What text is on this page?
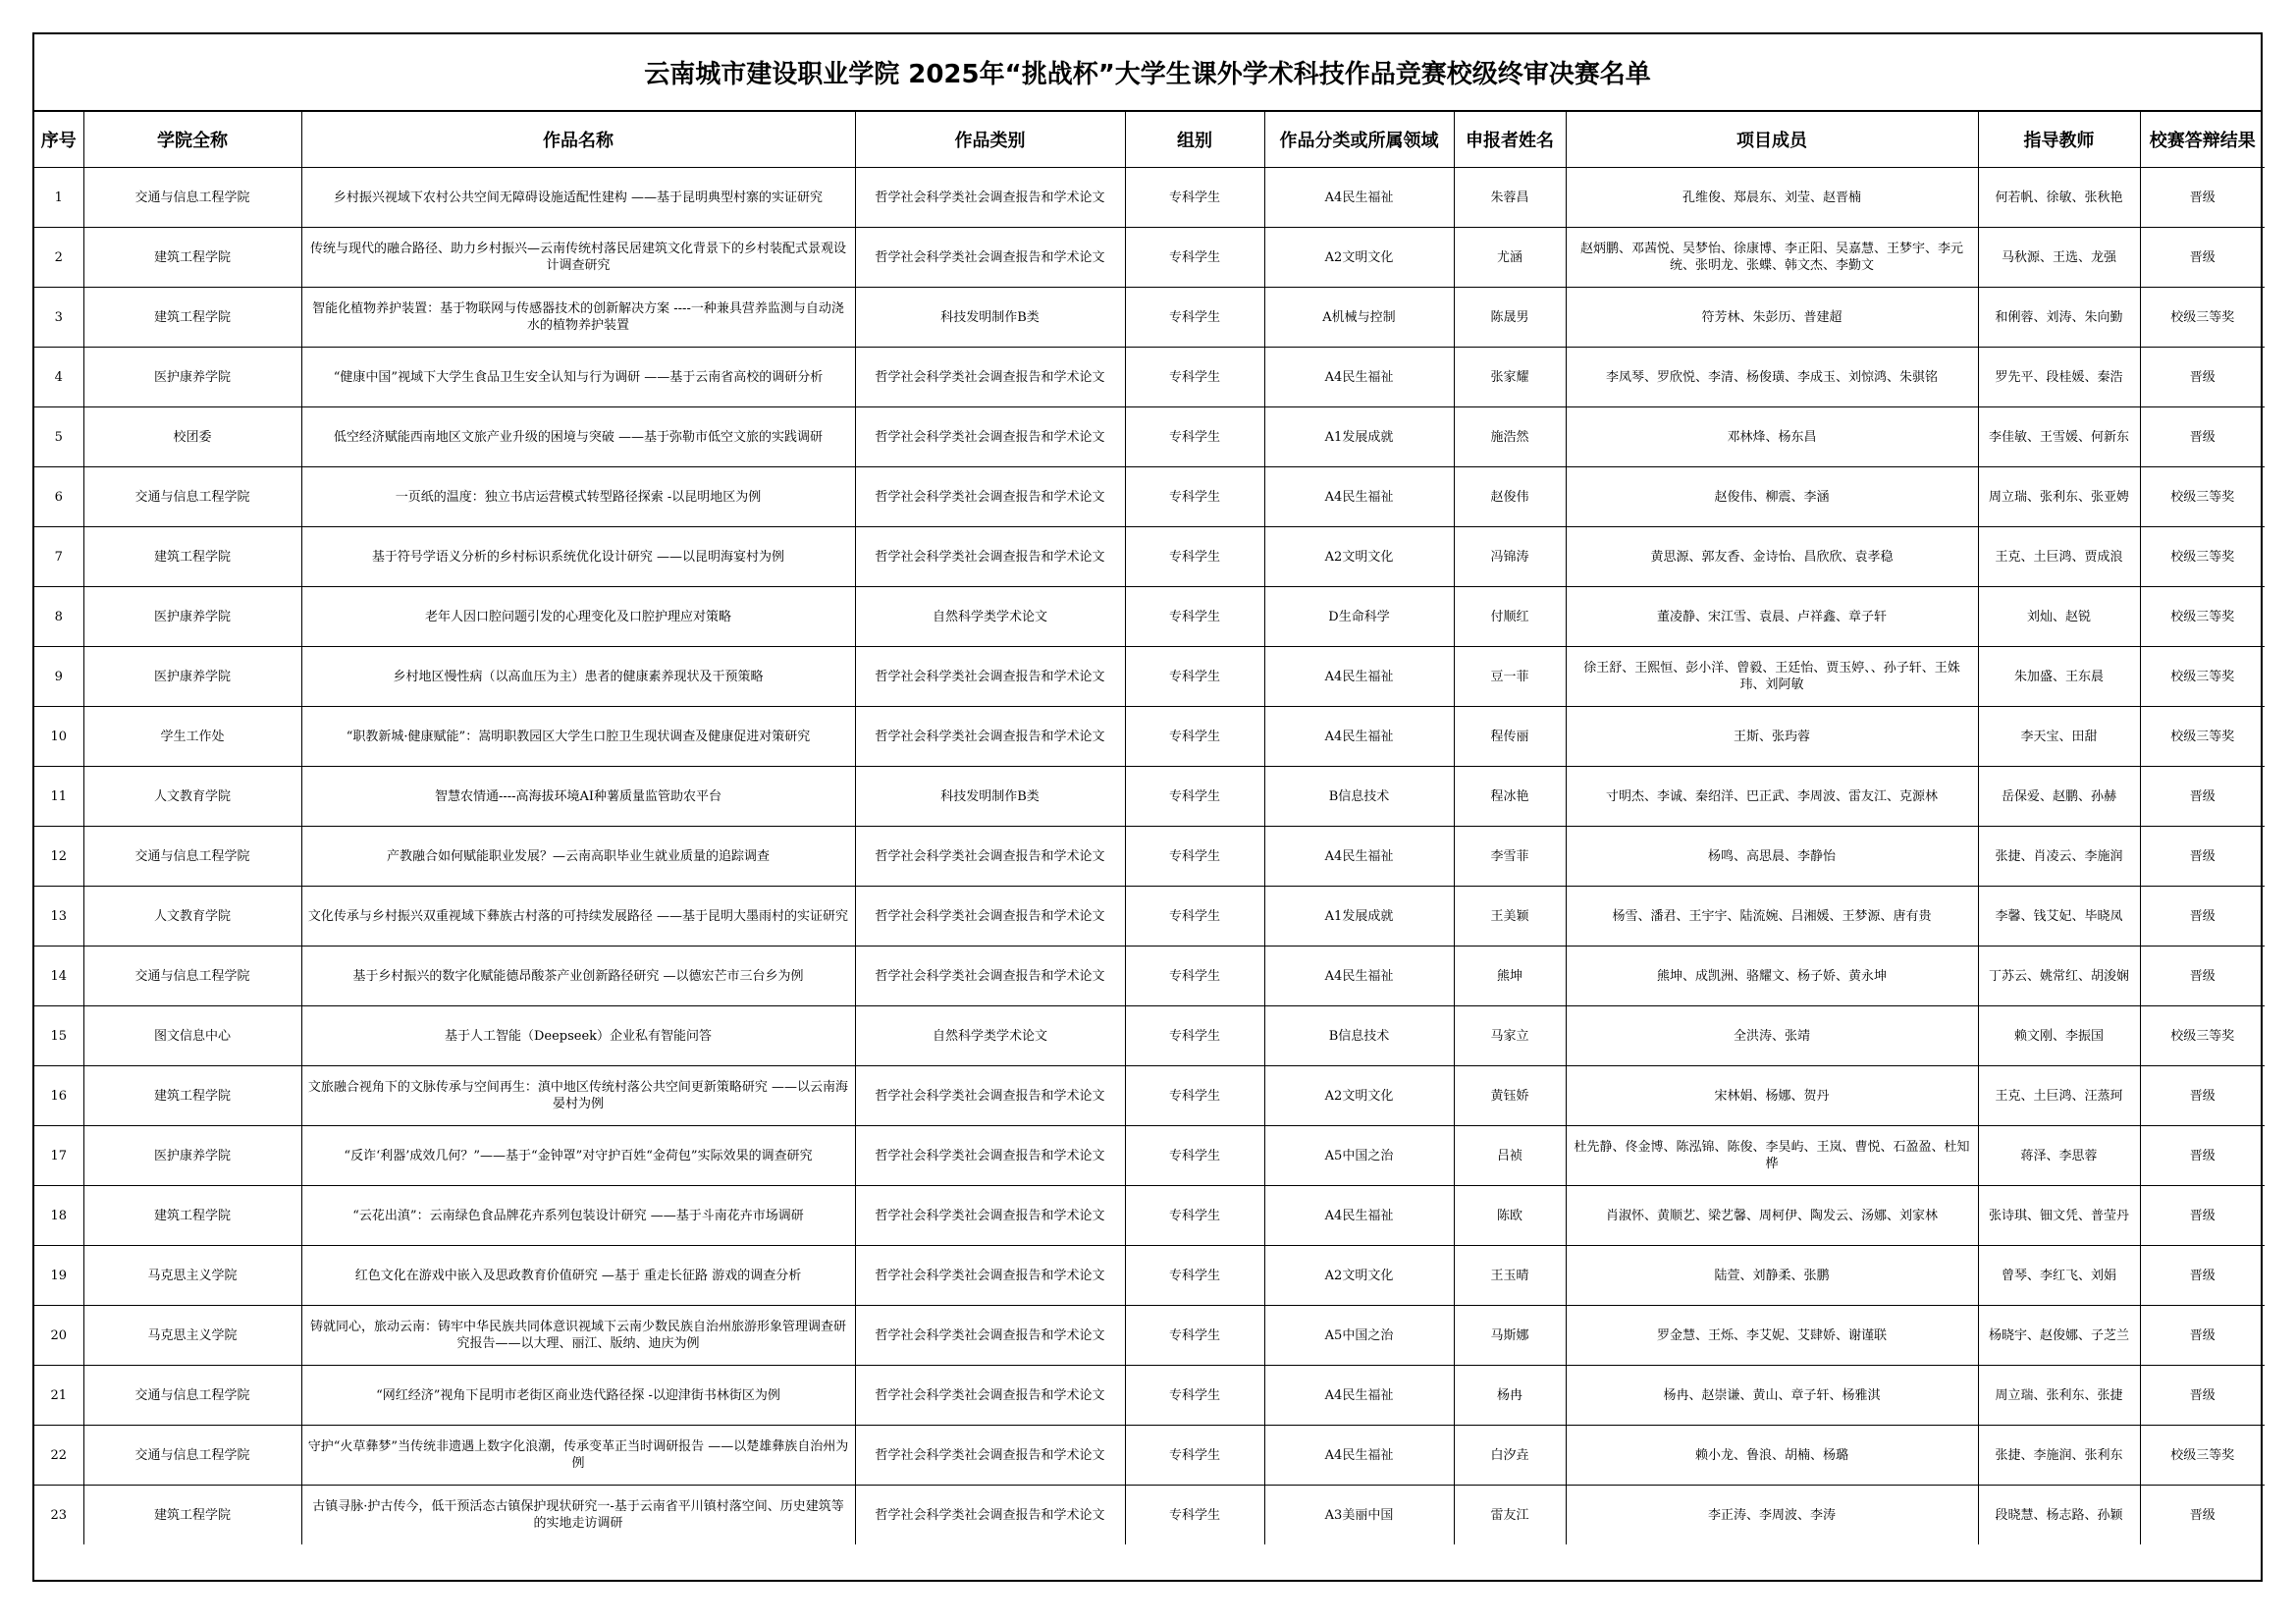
云南城市建设职业学院 2025年“挑战杯”大学生课外学术科技作品竞赛校级终审决赛名单
序号	学院全称	作品名称	作品类别	组别	作品分类或所属领域	申报者姓名	项目成员	指导教师	校赛答辩结果
1	交通与信息工程学院	乡村振兴视域下农村公共空间无障碍设施适配性建构 ——基于昆明典型村寨的实证研究	哲学社会科学类社会调查报告和学术论文	专科学生	A4民生福祉	朱蓉昌	孔维俊、郑晨东、刘莹、赵晋楠	何若帆、徐敏、张秋艳	晋级
2	建筑工程学院	传统与现代的融合路径、助力乡村振兴—云南传统村落民居建筑文化背景下的乡村装配式景观设计调查研究	哲学社会科学类社会调查报告和学术论文	专科学生	A2文明文化	尤涵	赵炳鹏、邓茜悦、吴梦怡、徐康博、李正阳、吴嘉慧、王梦宇、李元统、张明龙、张蝶、韩文杰、李勤文	马秋源、王选、龙强	晋级
3	建筑工程学院	智能化植物养护装置：基于物联网与传感器技术的创新解决方案 ----一种兼具营养监测与自动浇水的植物养护装置	科技发明制作B类	专科学生	A机械与控制	陈晟男	符芳林、朱彭历、普建超	和俐蓉、刘涛、朱向勤	校级三等奖
4	医护康养学院	“健康中国”视域下大学生食品卫生安全认知与行为调研 ——基于云南省高校的调研分析	哲学社会科学类社会调查报告和学术论文	专科学生	A4民生福祉	张家耀	李凤琴、罗欣悦、李清、杨俊璜、李成玉、刘惊鸿、朱骐铭	罗先平、段桂媛、秦浩	晋级
5	校团委	低空经济赋能西南地区文旅产业升级的困境与突破 ——基于弥勒市低空文旅的实践调研	哲学社会科学类社会调查报告和学术论文	专科学生	A1发展成就	施浩然	邓林烽、杨东昌	李佳敏、王雪媛、何新东	晋级
6	交通与信息工程学院	一页纸的温度：独立书店运营模式转型路径探索 -以昆明地区为例	哲学社会科学类社会调查报告和学术论文	专科学生	A4民生福祉	赵俊伟	赵俊伟、柳震、李涵	周立瑞、张利东、张亚娉	校级三等奖
7	建筑工程学院	基于符号学语义分析的乡村标识系统优化设计研究 ——以昆明海宴村为例	哲学社会科学类社会调查报告和学术论文	专科学生	A2文明文化	冯锦涛	黄思源、郭友香、金诗怡、昌欣欣、袁孝稳	王克、土巨鸿、贾成浪	校级三等奖
8	医护康养学院	老年人因口腔问题引发的心理变化及口腔护理应对策略	自然科学类学术论文	专科学生	D生命科学	付顺红	董凌静、宋江雪、袁晨、卢祥鑫、章子轩	刘灿、赵锐	校级三等奖
9	医护康养学院	乡村地区慢性病（以高血压为主）患者的健康素养现状及干预策略	哲学社会科学类社会调查报告和学术论文	专科学生	A4民生福祉	豆一菲	徐王舒、王熙恒、彭小洋、曾毅、王廷怡、贾玉婷、、孙子轩、王姝玮、刘阿敏	朱加盛、王东晨	校级三等奖
10	学生工作处	“职教新城·健康赋能”：嵩明职教园区大学生口腔卫生现状调查及健康促进对策研究	哲学社会科学类社会调查报告和学术论文	专科学生	A4民生福祉	程传丽	王斯、张玙蓉	李天宝、田甜	校级三等奖
11	人文教育学院	智慧农情通----高海拔环境AI种薯质量监管助农平台	科技发明制作B类	专科学生	B信息技术	程冰艳	寸明杰、李诚、秦绍洋、巴正武、李周波、雷友江、克源林	岳保爱、赵鹏、孙赫	晋级
12	交通与信息工程学院	产教融合如何赋能职业发展？—云南高职毕业生就业质量的追踪调查	哲学社会科学类社会调查报告和学术论文	专科学生	A4民生福祉	李雪菲	杨鸣、高思晨、李静怡	张捷、肖凌云、李施润	晋级
13	人文教育学院	文化传承与乡村振兴双重视域下彝族古村落的可持续发展路径 ——基于昆明大墨雨村的实证研究	哲学社会科学类社会调查报告和学术论文	专科学生	A1发展成就	王美颖	杨雪、潘君、王宇宇、陆流婉、吕湘媛、王梦源、唐有贵	李馨、钱艾妃、毕晓凤	晋级
14	交通与信息工程学院	基于乡村振兴的数字化赋能德昂酸茶产业创新路径研究 —以德宏芒市三台乡为例	哲学社会科学类社会调查报告和学术论文	专科学生	A4民生福祉	熊坤	熊坤、成凯洲、骆耀文、杨子娇、黄永坤	丁苏云、姚常红、胡浚娴	晋级
15	图文信息中心	基于人工智能（Deepseek）企业私有智能问答	自然科学类学术论文	专科学生	B信息技术	马家立	全洪涛、张靖	赖文刚、李振国	校级三等奖
16	建筑工程学院	文旅融合视角下的文脉传承与空间再生：滇中地区传统村落公共空间更新策略研究 ——以云南海晏村为例	哲学社会科学类社会调查报告和学术论文	专科学生	A2文明文化	黄钰娇	宋林娟、杨娜、贺丹	王克、土巨鸿、汪蒸珂	晋级
17	医护康养学院	“反诈‘利器’成效几何？”——基于“金钟罩”对守护百姓“金荷包”实际效果的调查研究	哲学社会科学类社会调查报告和学术论文	专科学生	A5中国之治	吕祯	杜先静、佟金博、陈泓锦、陈俊、李昊屿、王岚、曹悦、石盈盈、杜知桦	蒋泽、李思蓉	晋级
18	建筑工程学院	“云花出滇”：云南绿色食品牌花卉系列包装设计研究 ——基于斗南花卉市场调研	哲学社会科学类社会调查报告和学术论文	专科学生	A4民生福祉	陈欧	肖淑怀、黄顺艺、梁艺馨、周柯伊、陶发云、汤娜、刘家林	张诗琪、钿文凭、普莹丹	晋级
19	马克思主义学院	红色文化在游戏中嵌入及思政教育价值研究 —基于 重走长征路 游戏的调查分析	哲学社会科学类社会调查报告和学术论文	专科学生	A2文明文化	王玉晴	陆萱、刘静柔、张鹏	曾琴、李红飞、刘娟	晋级
20	马克思主义学院	铸就同心，旅动云南：铸牢中华民族共同体意识视域下云南少数民族自治州旅游形象管理调查研究报告——以大理、丽江、版纳、迪庆为例	哲学社会科学类社会调查报告和学术论文	专科学生	A5中国之治	马斯娜	罗金慧、王烁、李艾妮、艾肆娇、谢谨联	杨晓宇、赵俊娜、子芝兰	晋级
21	交通与信息工程学院	“网红经济”视角下昆明市老街区商业迭代路径探 -以迎津街书林街区为例	哲学社会科学类社会调查报告和学术论文	专科学生	A4民生福祉	杨冉	杨冉、赵崇谦、黄山、章子轩、杨雅淇	周立瑞、张利东、张捷	晋级
22	交通与信息工程学院	守护“火草彝梦”当传统非遗遇上数字化浪潮，传承变革正当时调研报告 ——以楚雄彝族自治州为例	哲学社会科学类社会调查报告和学术论文	专科学生	A4民生福祉	白汐垚	赖小龙、鲁浪、胡楠、杨璐	张捷、李施润、张利东	校级三等奖
23	建筑工程学院	古镇寻脉·护古传今，低干预活态古镇保护现状研究一-基于云南省平川镇村落空间、历史建筑等的实地走访调研	哲学社会科学类社会调查报告和学术论文	专科学生	A3美丽中国	雷友江	李正涛、李周波、李涛	段晓慧、杨志路、孙颖	晋级
